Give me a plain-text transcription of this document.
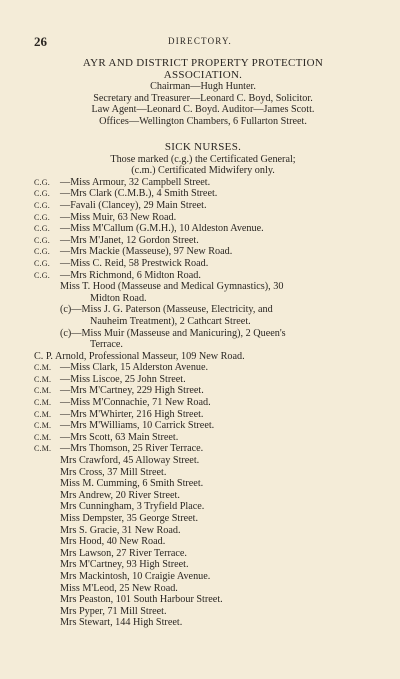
26	DIRECTORY.
AYR AND DISTRICT PROPERTY PROTECTION
ASSOCIATION.
Chairman—Hugh Hunter.
Secretary and Treasurer—Leonard C. Boyd, Solicitor.
Law Agent—Leonard C. Boyd. Auditor—James Scott.
Offices—Wellington Chambers, 6 Fullarton Street.
SICK NURSES.
Those marked (c.g.) the Certificated General;
(c.m.) Certificated Midwifery only.
C.G. —Miss Armour, 32 Campbell Street.
C.G. —Mrs Clark (C.M.B.), 4 Smith Street.
C.G. —Favali (Clancey), 29 Main Street.
C.G. —Miss Muir, 63 New Road.
C.G. —Miss M'Callum (G.M.H.), 10 Aldeston Avenue.
C.G. —Mrs M'Janet, 12 Gordon Street.
C.G. —Mrs Mackie (Masseuse), 97 New Road.
C.G. —Miss C. Reid, 58 Prestwick Road.
C.G. —Mrs Richmond, 6 Midton Road.
Miss T. Hood (Masseuse and Medical Gymnastics), 30
Midton Road.
(c)—Miss J. G. Paterson (Masseuse, Electricity, and
Nauheim Treatment), 2 Cathcart Street.
(c)—Miss Muir (Masseuse and Manicuring), 2 Queen's
Terrace.
C. P. Arnold, Professional Masseur, 109 New Road.
C.M. —Miss Clark, 15 Alderston Avenue.
C.M. —Miss Liscoe, 25 John Street.
C.M. —Mrs M'Cartney, 229 High Street.
C.M. —Miss M'Connachie, 71 New Road.
C.M. —Mrs M'Whirter, 216 High Street.
C.M. —Mrs M'Williams, 10 Carrick Street.
C.M. —Mrs Scott, 63 Main Street.
C.M. —Mrs Thomson, 25 River Terrace.
Mrs Crawford, 45 Alloway Street.
Mrs Cross, 37 Mill Street.
Miss M. Cumming, 6 Smith Street.
Mrs Andrew, 20 River Street.
Mrs Cunningham, 3 Tryfield Place.
Miss Dempster, 35 George Street.
Mrs S. Gracie, 31 New Road.
Mrs Hood, 40 New Road.
Mrs Lawson, 27 River Terrace.
Mrs M'Cartney, 93 High Street.
Mrs Mackintosh, 10 Craigie Avenue.
Miss M'Leod, 25 New Road.
Mrs Peaston, 101 South Harbour Street.
Mrs Pyper, 71 Mill Street.
Mrs Stewart, 144 High Street.
